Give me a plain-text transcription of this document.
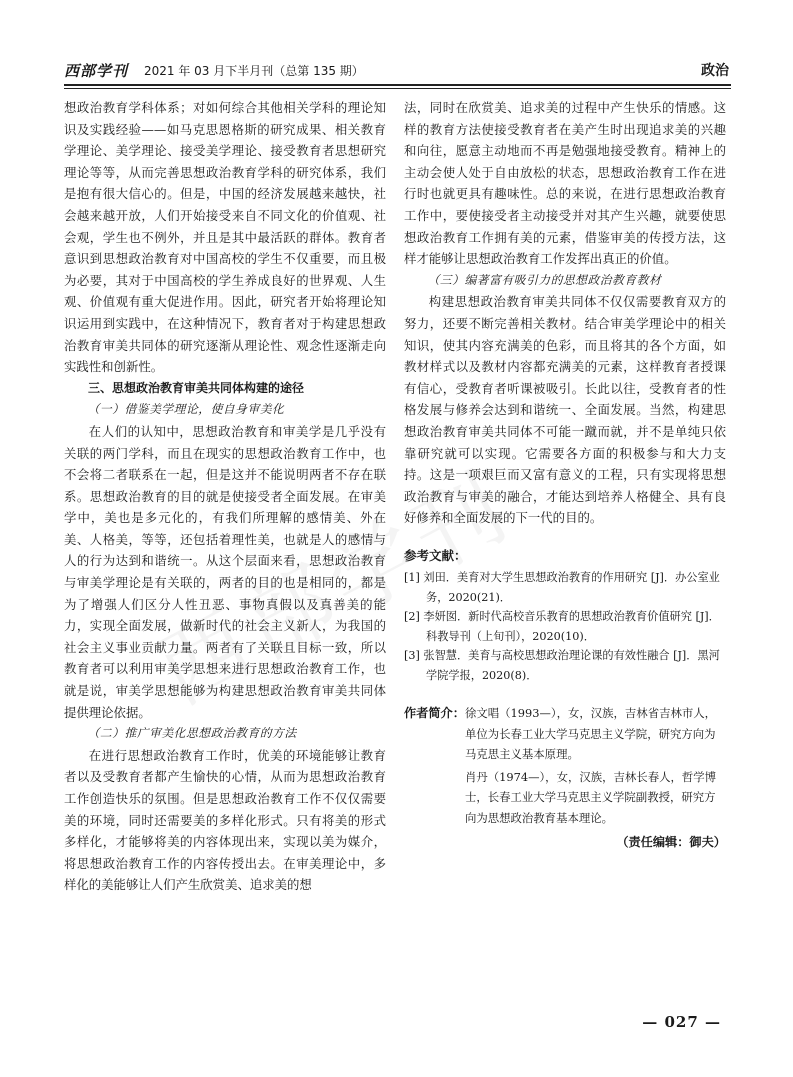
西部学刊 2021 年 03 月下半月刊（总第 135 期）	政治

想政治教育学科体系；对如何综合其他相关学科的理论知识及实践经验——如马克思恩格斯的研究成果、相关教育学理论、美学理论、接受美学理论、接受教育者思想研究理论等等，从而完善思想政治教育学科的研究体系，我们是抱有很大信心的。但是，中国的经济发展越来越快，社会越来越开放，人们开始接受来自不同文化的价值观、社会观，学生也不例外，并且是其中最活跃的群体。教育者意识到思想政治教育对中国高校的学生不仅重要，而且极为必要，其对于中国高校的学生养成良好的世界观、人生观、价值观有重大促进作用。因此，研究者开始将理论知识运用到实践中，在这种情况下，教育者对于构建思想政治教育审美共同体的研究逐渐从理论性、观念性逐渐走向实践性和创新性。

三、思想政治教育审美共同体构建的途径

（一）借鉴美学理论，使自身审美化

在人们的认知中，思想政治教育和审美学是几乎没有关联的两门学科，而且在现实的思想政治教育工作中，也不会将二者联系在一起，但是这并不能说明两者不存在联系。思想政治教育的目的就是使接受者全面发展。在审美学中，美也是多元化的，有我们所理解的感情美、外在美、人格美，等等，还包括着理性美，也就是人的感情与人的行为达到和谐统一。从这个层面来看，思想政治教育与审美学理论是有关联的，两者的目的也是相同的，都是为了增强人们区分人性丑恶、事物真假以及真善美的能力，实现全面发展，做新时代的社会主义新人，为我国的社会主义事业贡献力量。两者有了关联且目标一致，所以教育者可以利用审美学思想来进行思想政治教育工作，也就是说，审美学思想能够为构建思想政治教育审美共同体提供理论依据。

（二）推广审美化思想政治教育的方法

在进行思想政治教育工作时，优美的环境能够让教育者以及受教育者都产生愉快的心情，从而为思想政治教育工作创造快乐的氛围。但是思想政治教育工作不仅仅需要美的环境，同时还需要美的多样化形式。只有将美的形式多样化，才能够将美的内容体现出来，实现以美为媒介，将思想政治教育工作的内容传授出去。在审美理论中，多样化的美能够让人们产生欣赏美、追求美的想

法，同时在欣赏美、追求美的过程中产生快乐的情感。这样的教育方法使接受教育者在美产生时出现追求美的兴趣和向往，愿意主动地而不再是勉强地接受教育。精神上的主动会使人处于自由放松的状态，思想政治教育工作在进行时也就更具有趣味性。总的来说，在进行思想政治教育工作中，要使接受者主动接受并对其产生兴趣，就要使思想政治教育工作拥有美的元素，借鉴审美的传授方法，这样才能够让思想政治教育工作发挥出真正的价值。

（三）编著富有吸引力的思想政治教育教材

构建思想政治教育审美共同体不仅仅需要教育双方的努力，还要不断完善相关教材。结合审美学理论中的相关知识，使其内容充满美的色彩，而且将其的各个方面，如教材样式以及教材内容都充满美的元素，这样教育者授课有信心，受教育者听课被吸引。长此以往，受教育者的性格发展与修养会达到和谐统一、全面发展。当然，构建思想政治教育审美共同体不可能一蹴而就，并不是单纯只依靠研究就可以实现。它需要各方面的积极参与和大力支持。这是一项艰巨而又富有意义的工程，只有实现将思想政治教育与审美的融合，才能达到培养人格健全、具有良好修养和全面发展的下一代的目的。

参考文献：

[1] 刘田．美育对大学生思想政治教育的作用研究 [J]．办公室业务，2020(21)．

[2] 李妍囡．新时代高校音乐教育的思想政治教育价值研究 [J]．科教导刊（上旬刊），2020(10)．

[3] 张智慧．美育与高校思想政治理论课的有效性融合 [J]．黑河学院学报，2020(8)．

作者简介： 徐文唱（1993—），女，汉族，吉林省吉林市人，单位为长春工业大学马克思主义学院，研究方向为马克思主义基本原理。

肖丹（1974—），女，汉族，吉林长春人，哲学博士，长春工业大学马克思主义学院副教授，研究方向为思想政治教育基本理论。

（责任编辑：御夫）
— 027 —
